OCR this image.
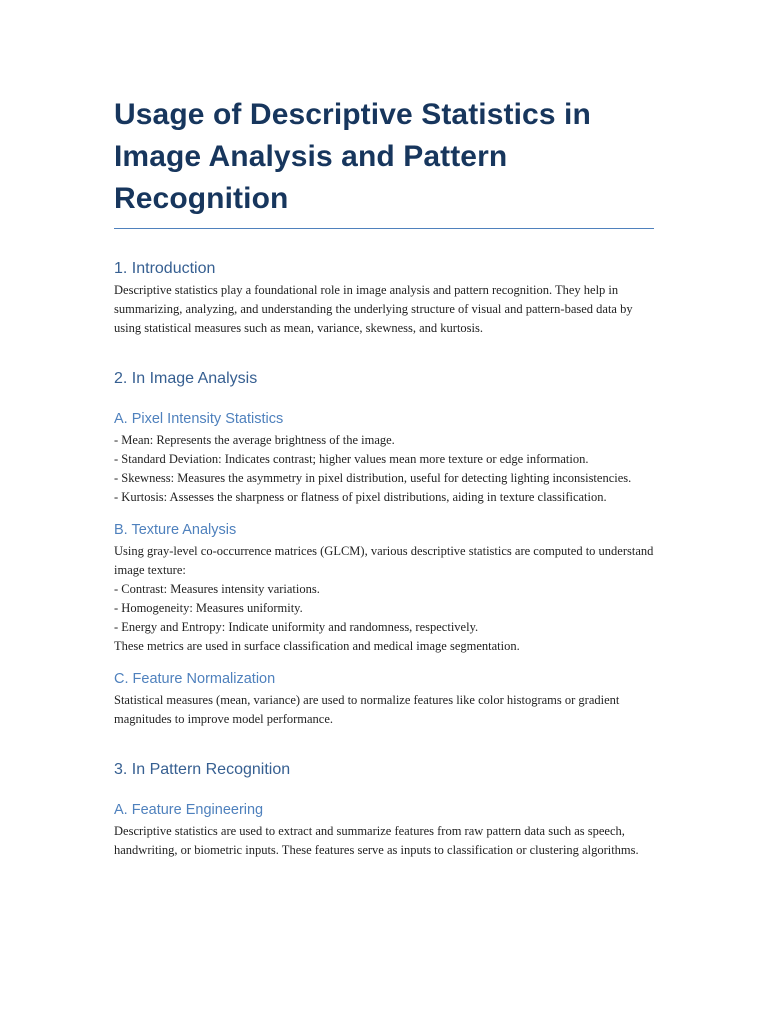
Usage of Descriptive Statistics in Image Analysis and Pattern Recognition
1. Introduction

Descriptive statistics play a foundational role in image analysis and pattern recognition. They help in summarizing, analyzing, and understanding the underlying structure of visual and pattern-based data by using statistical measures such as mean, variance, skewness, and kurtosis.

2. In Image Analysis
A. Pixel Intensity Statistics

- Mean: Represents the average brightness of the image.
- Standard Deviation: Indicates contrast; higher values mean more texture or edge information.
- Skewness: Measures the asymmetry in pixel distribution, useful for detecting lighting inconsistencies.
- Kurtosis: Assesses the sharpness or flatness of pixel distributions, aiding in texture classification.

B. Texture Analysis

Using gray-level co-occurrence matrices (GLCM), various descriptive statistics are computed to understand image texture:
- Contrast: Measures intensity variations.
- Homogeneity: Measures uniformity.
- Energy and Entropy: Indicate uniformity and randomness, respectively.
These metrics are used in surface classification and medical image segmentation.

C. Feature Normalization

Statistical measures (mean, variance) are used to normalize features like color histograms or gradient magnitudes to improve model performance.

3. In Pattern Recognition
A. Feature Engineering

Descriptive statistics are used to extract and summarize features from raw pattern data such as speech, handwriting, or biometric inputs. These features serve as inputs to classification or clustering algorithms.
